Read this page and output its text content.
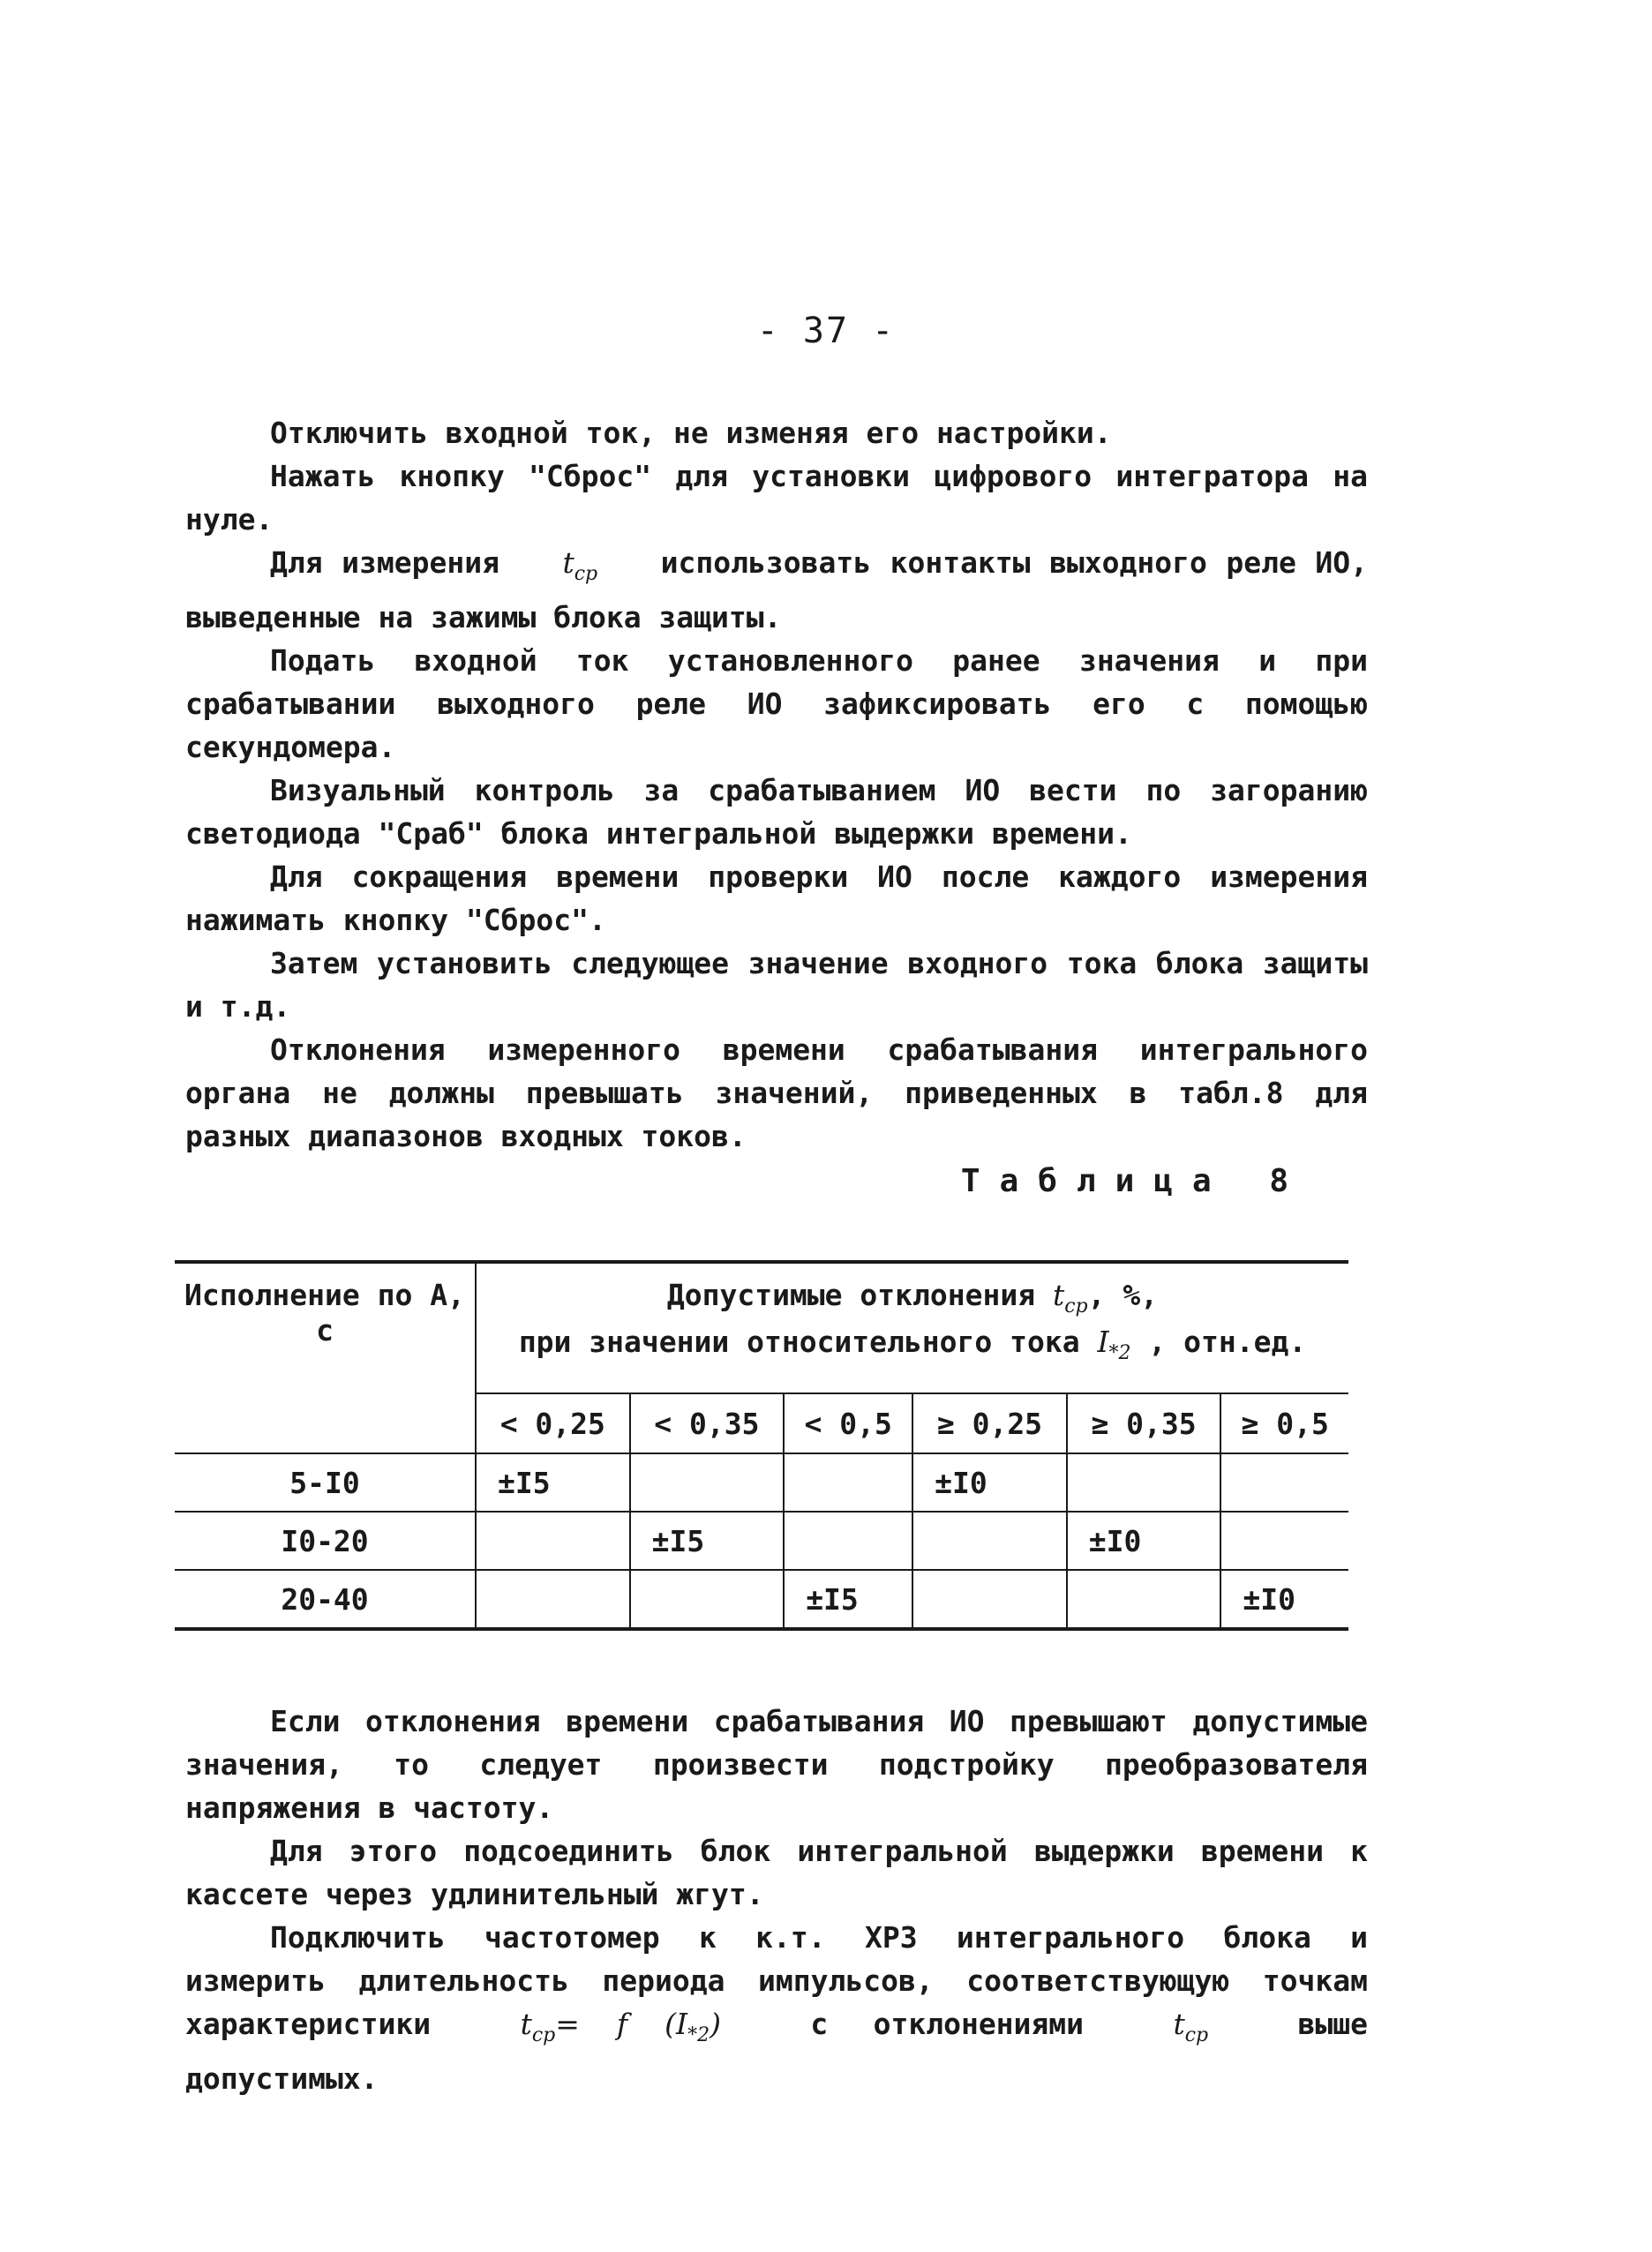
- 37 -

Отключить входной ток, не изменяя его настройки.

Нажать кнопку "Сброс" для установки цифрового интегратора на нуле.

Для измерения $t_{ср}$ использовать контакты выходного реле ИО, выведенные на зажимы блока защиты.

Подать входной ток установленного ранее значения и при срабатывании выходного реле ИО зафиксировать его с помощью секундомера.

Визуальный контроль за срабатыванием ИО вести по загоранию светодиода "Сраб" блока интегральной выдержки времени.

Для сокращения времени проверки ИО после каждого измерения нажимать кнопку "Сброс".

Затем установить следующее значение входного тока блока защиты и т.д.

Отклонения измеренного времени срабатывания интегрального органа не должны превышать значений, приведенных в табл.8 для разных диапазонов входных токов.

Таблица 8
Исполнение по А, с	Допустимые отклонения $t_{ср}$, %,
при значении относительного тока $I_{*2}$ , отн.ед.					

	< 0,25	< 0,35	< 0,5	≥ 0,25	≥ 0,35	≥ 0,5
5-I0	±I5			±I0		
I0-20		±I5			±I0	
20-40			±I5			±I0

Если отклонения времени срабатывания ИО превышают допустимые значения, то следует произвести подстройку преобразователя напряжения в частоту.

Для этого подсоединить блок интегральной выдержки времени к кассете через удлинительный жгут.

Подключить частотомер к к.т. ХРЗ интегрального блока и измерить длительность периода импульсов, соответствующую точкам характеристики	$t_{ср}= f$ $(I_{*2})$	с отклонениями	$t_{ср}$	выше допустимых.
